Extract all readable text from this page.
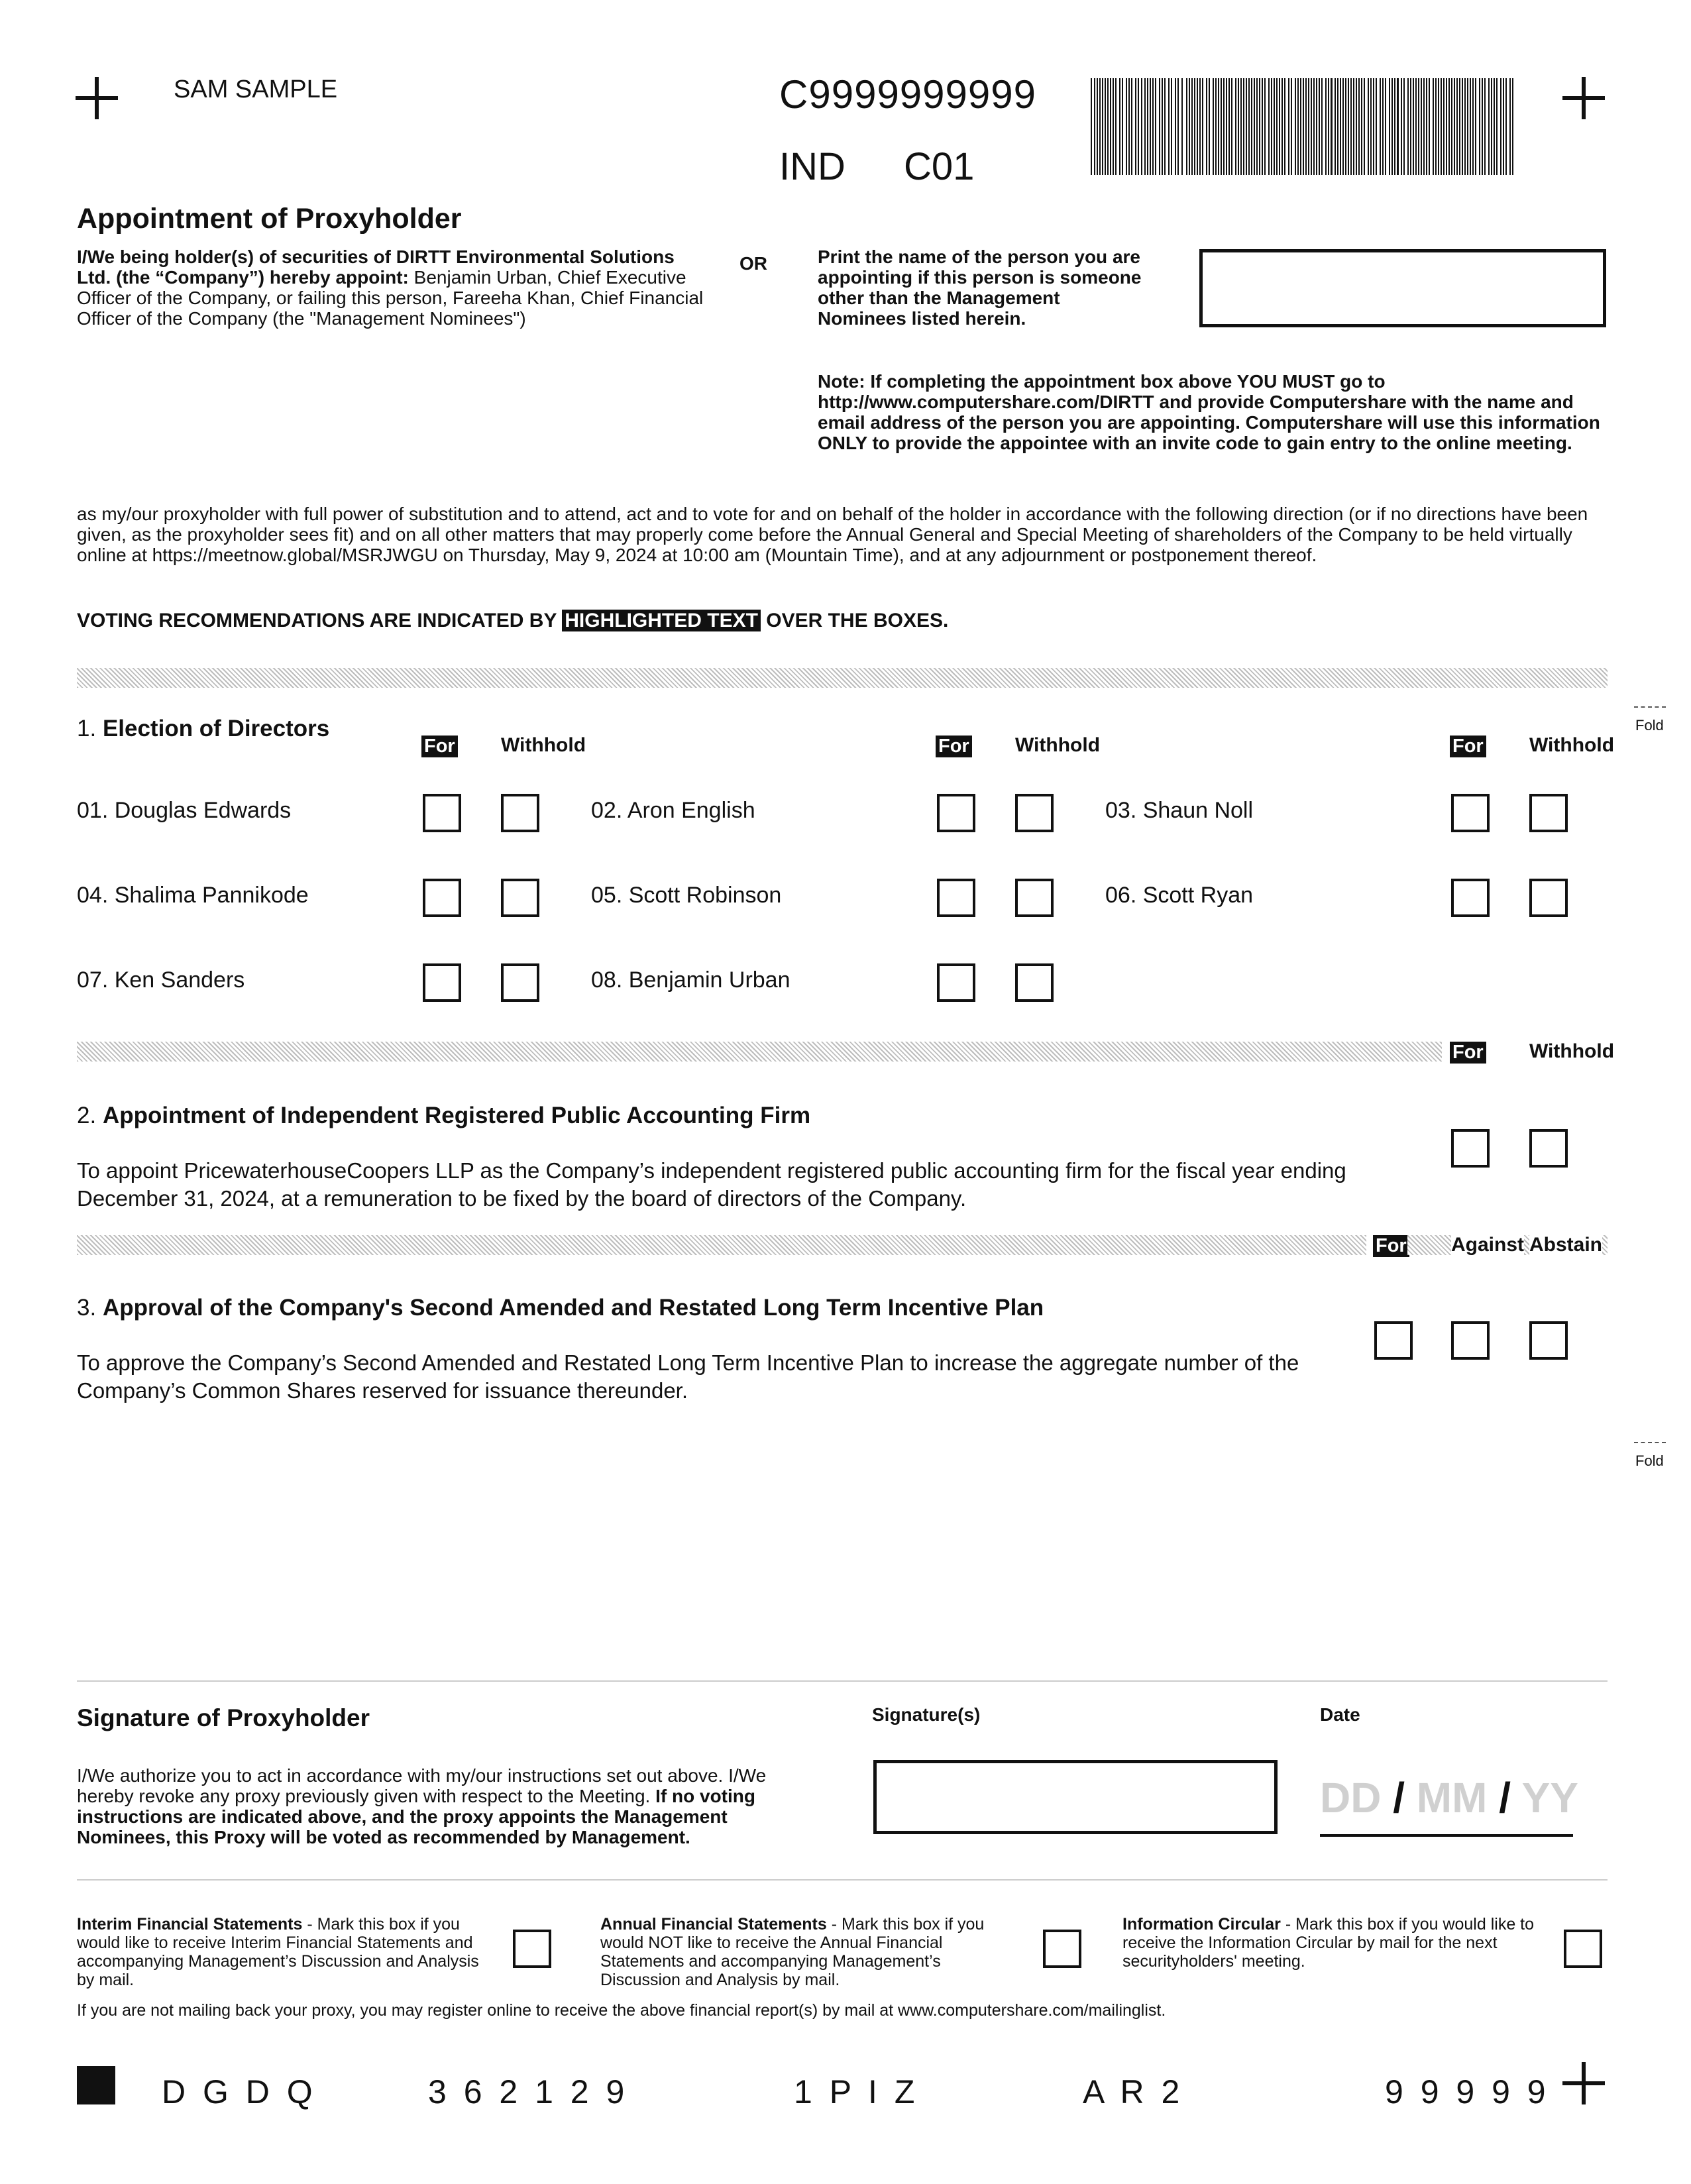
SAM SAMPLE	C9999999999
IND C01
Appointment of Proxyholder
I/We being holder(s) of securities of DIRTT Environmental Solutions Ltd. (the “Company”) hereby appoint: Benjamin Urban, Chief Executive Officer of the Company, or failing this person, Fareeha Khan, Chief Financial Officer of the Company (the "Management Nominees")
OR	Print the name of the person you are appointing if this person is someone other than the Management Nominees listed herein.
Note: If completing the appointment box above YOU MUST go to http://www.computershare.com/DIRTT and provide Computershare with the name and email address of the person you are appointing. Computershare will use this information ONLY to provide the appointee with an invite code to gain entry to the online meeting.
as my/our proxyholder with full power of substitution and to attend, act and to vote for and on behalf of the holder in accordance with the following direction (or if no directions have been given, as the proxyholder sees fit) and on all other matters that may properly come before the Annual General and Special Meeting of shareholders of the Company to be held virtually online at https://meetnow.global/MSRJWGU on Thursday, May 9, 2024 at 10:00 am (Mountain Time), and at any adjournment or postponement thereof.
VOTING RECOMMENDATIONS ARE INDICATED BY HIGHLIGHTED TEXT OVER THE BOXES.
Fold
Fold
1. Election of Directors
For Withhold	For Withhold	For Withhold
01. Douglas Edwards	02. Aron English	03. Shaun Noll
04. Shalima Pannikode	05. Scott Robinson	06. Scott Ryan
07. Ken Sanders	08. Benjamin Urban
For Withhold
2. Appointment of Independent Registered Public Accounting Firm
To appoint PricewaterhouseCoopers LLP as the Company’s independent registered public accounting firm for the fiscal year ending December 31, 2024, at a remuneration to be fixed by the board of directors of the Company.
For Against Abstain
3. Approval of the Company's Second Amended and Restated Long Term Incentive Plan
To approve the Company’s Second Amended and Restated Long Term Incentive Plan to increase the aggregate number of the Company’s Common Shares reserved for issuance thereunder.
Signature of Proxyholder	Signature(s)	Date
I/We authorize you to act in accordance with my/our instructions set out above. I/We hereby revoke any proxy previously given with respect to the Meeting. If no voting instructions are indicated above, and the proxy appoints the Management Nominees, this Proxy will be voted as recommended by Management.
DD / MM / YY
Interim Financial Statements - Mark this box if you would like to receive Interim Financial Statements and accompanying Management’s Discussion and Analysis by mail.
Annual Financial Statements - Mark this box if you would NOT like to receive the Annual Financial Statements and accompanying Management’s Discussion and Analysis by mail.
Information Circular - Mark this box if you would like to receive the Information Circular by mail for the next securityholders' meeting.
If you are not mailing back your proxy, you may register online to receive the above financial report(s) by mail at www.computershare.com/mailinglist.
D G D Q	3 6 2 1 2 9	1 P I Z	A R 2	9 9 9 9 9
